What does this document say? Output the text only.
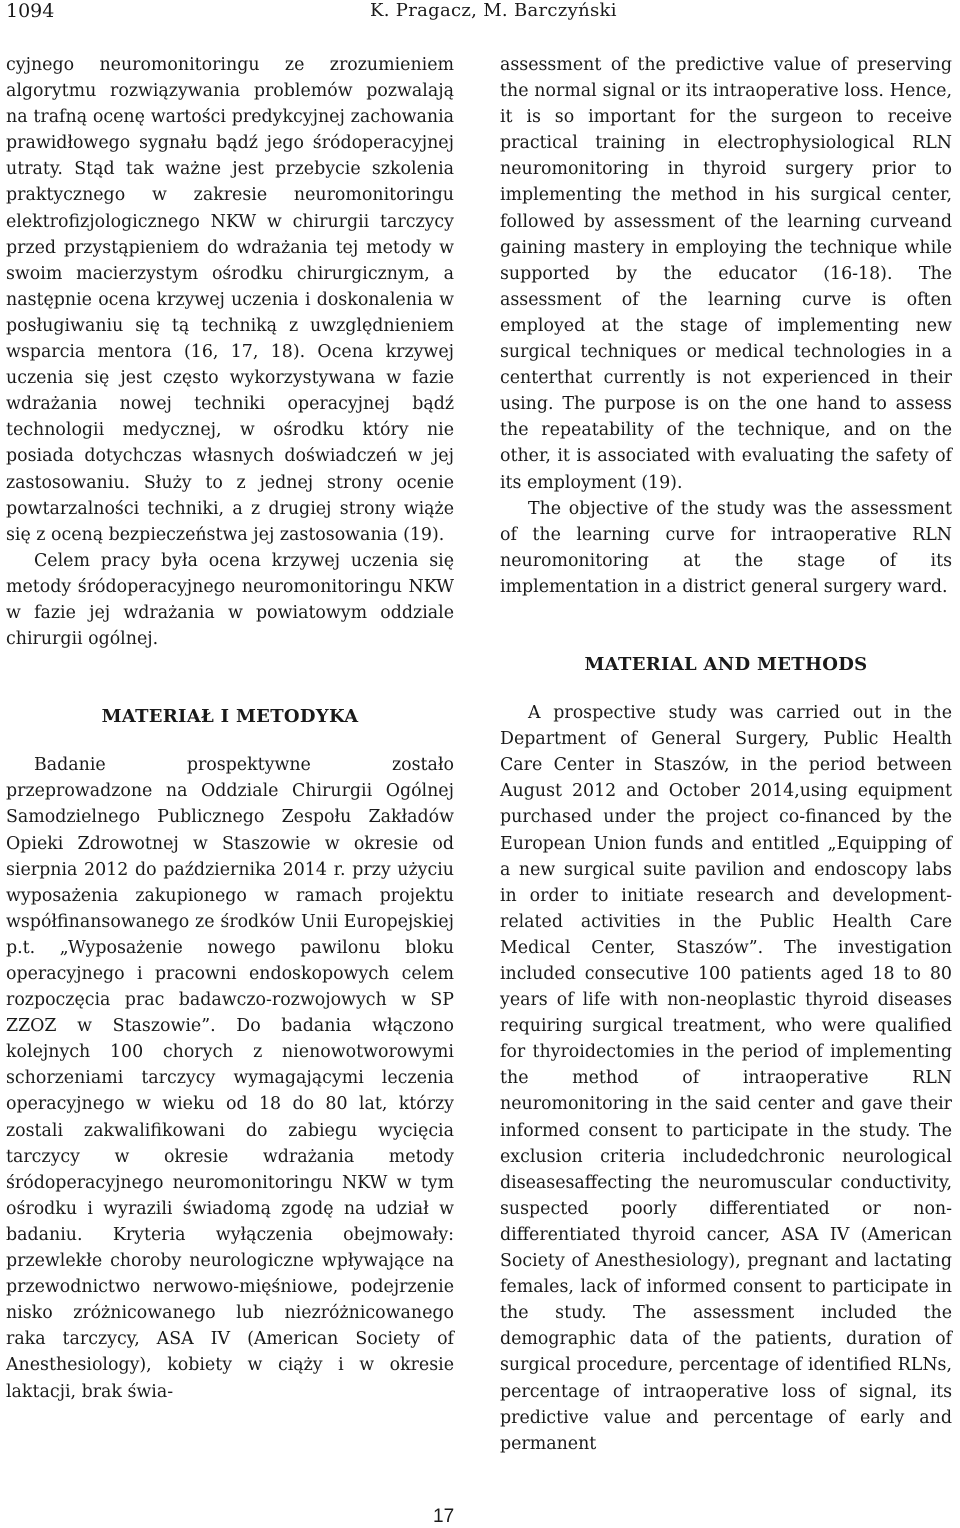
1094	K. Pragacz, M. Barczyński

cyjnego neuromonitoringu ze zrozumieniem algorytmu rozwiązywania problemów pozwalają na trafną ocenę wartości predykcyjnej zachowania prawidłowego sygnału bądź jego śródoperacyjnej utraty. Stąd tak ważne jest przebycie szkolenia praktycznego w zakresie neuromonitoringu elektrofizjologicznego NKW w chirurgii tarczycy przed przystąpieniem do wdrażania tej metody w swoim macierzystym ośrodku chirurgicznym, a następnie ocena krzywej uczenia i doskonalenia w posługiwaniu się tą techniką z uwzględnieniem wsparcia mentora (16, 17, 18). Ocena krzywej uczenia się jest często wykorzystywana w fazie wdrażania nowej techniki operacyjnej bądź technologii medycznej, w ośrodku który nie posiada dotychczas własnych doświadczeń w jej zastosowaniu. Służy to z jednej strony ocenie powtarzalności techniki, a z drugiej strony wiąże się z oceną bezpieczeństwa jej zastosowania (19).

Celem pracy była ocena krzywej uczenia się metody śródoperacyjnego neuromonitoringu NKW w fazie jej wdrażania w powiatowym oddziale chirurgii ogólnej.

MATERIAŁ I METODYKA

Badanie prospektywne zostało przeprowadzone na Oddziale Chirurgii Ogólnej Samodzielnego Publicznego Zespołu Zakładów Opieki Zdrowotnej w Staszowie w okresie od sierpnia 2012 do października 2014 r. przy użyciu wyposażenia zakupionego w ramach projektu współfinansowanego ze środków Unii Europejskiej p.t. „Wyposażenie nowego pawilonu bloku operacyjnego i pracowni endoskopowych celem rozpoczęcia prac badawczo-rozwojowych w SP ZZOZ w Staszowie”. Do badania włączono kolejnych 100 chorych z nienowotworowymi schorzeniami tarczycy wymagającymi leczenia operacyjnego w wieku od 18 do 80 lat, którzy zostali zakwalifikowani do zabiegu wycięcia tarczycy w okresie wdrażania metody śródoperacyjnego neuromonitoringu NKW w tym ośrodku i wyrazili świadomą zgodę na udział w badaniu. Kryteria wyłączenia obejmowały: przewlekłe choroby neurologiczne wpływające na przewodnictwo nerwowo-mięśniowe, podejrzenie nisko zróżnicowanego lub niezróżnicowanego raka tarczycy, ASA IV (American Society of Anesthesiology), kobiety w ciąży i w okresie laktacji, brak świa-

assessment of the predictive value of preserving the normal signal or its intraoperative loss. Hence, it is so important for the surgeon to receive practical training in electrophysiological RLN neuromonitoring in thyroid surgery prior to implementing the method in his surgical center, followed by assessment of the learning curveand gaining mastery in employing the technique while supported by the educator (16-18). The assessment of the learning curve is often employed at the stage of implementing new surgical techniques or medical technologies in a centerthat currently is not experienced in their using. The purpose is on the one hand to assess the repeatability of the technique, and on the other, it is associated with evaluating the safety of its employment (19).

The objective of the study was the assessment of the learning curve for intraoperative RLN neuromonitoring at the stage of its implementation in a district general surgery ward.

MATERIAL AND METHODS

A prospective study was carried out in the Department of General Surgery, Public Health Care Center in Staszów, in the period between August 2012 and October 2014,using equipment purchased under the project co-financed by the European Union funds and entitled „Equipping of a new surgical suite pavilion and endoscopy labs in order to initiate research and development-related activities in the Public Health Care Medical Center, Staszów”. The investigation included consecutive 100 patients aged 18 to 80 years of life with non-neoplastic thyroid diseases requiring surgical treatment, who were qualified for thyroidectomies in the period of implementing the method of intraoperative RLN neuromonitoring in the said center and gave their informed consent to participate in the study. The exclusion criteria includedchronic neurological diseasesaffecting the neuromuscular conductivity, suspected poorly differentiated or non-differentiated thyroid cancer, ASA IV (American Society of Anesthesiology), pregnant and lactating females, lack of informed consent to participate in the study. The assessment included the demographic data of the patients, duration of surgical procedure, percentage of identified RLNs, percentage of intraoperative loss of signal, its predictive value and percentage of early and permanent

17
